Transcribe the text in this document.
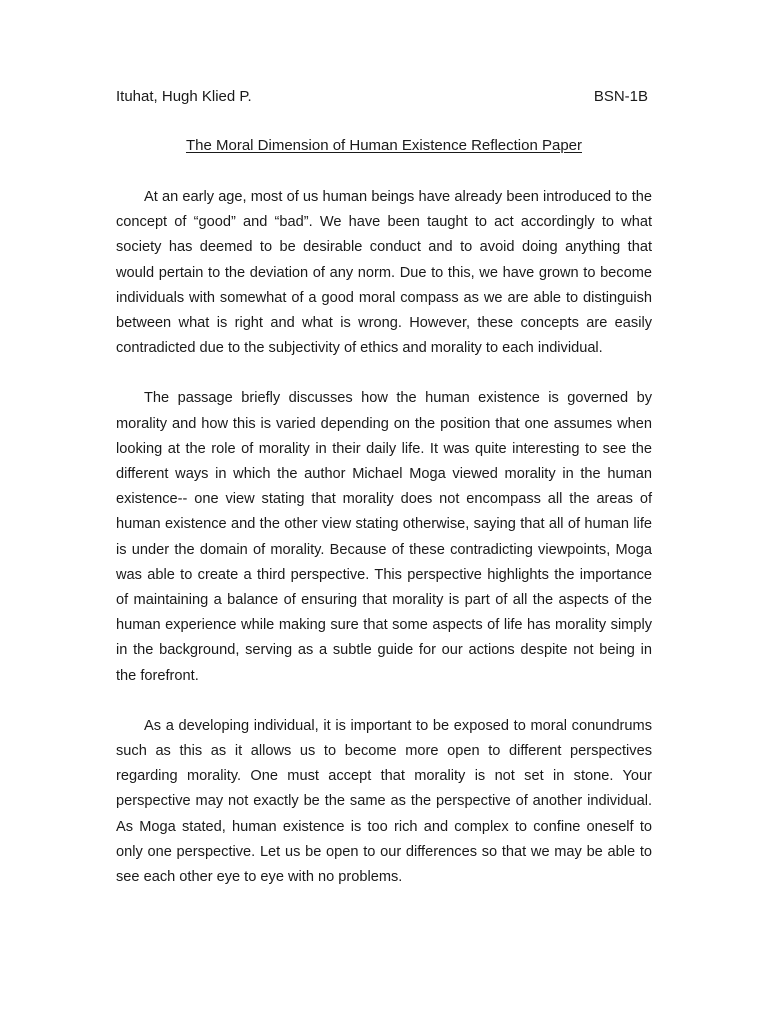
Ituhat, Hugh Klied P.	BSN-1B
The Moral Dimension of Human Existence Reflection Paper

At an early age, most of us human beings have already been introduced to the concept of “good” and “bad”. We have been taught to act accordingly to what society has deemed to be desirable conduct and to avoid doing anything that would pertain to the deviation of any norm. Due to this, we have grown to become individuals with somewhat of a good moral compass as we are able to distinguish between what is right and what is wrong. However, these concepts are easily contradicted due to the subjectivity of ethics and morality to each individual.

The passage briefly discusses how the human existence is governed by morality and how this is varied depending on the position that one assumes when looking at the role of morality in their daily life. It was quite interesting to see the different ways in which the author Michael Moga viewed morality in the human existence-- one view stating that morality does not encompass all the areas of human existence and the other view stating otherwise, saying that all of human life is under the domain of morality. Because of these contradicting viewpoints, Moga was able to create a third perspective. This perspective highlights the importance of maintaining a balance of ensuring that morality is part of all the aspects of the human experience while making sure that some aspects of life has morality simply in the background, serving as a subtle guide for our actions despite not being in the forefront.

As a developing individual, it is important to be exposed to moral conundrums such as this as it allows us to become more open to different perspectives regarding morality. One must accept that morality is not set in stone. Your perspective may not exactly be the same as the perspective of another individual. As Moga stated, human existence is too rich and complex to confine oneself to only one perspective. Let us be open to our differences so that we may be able to see each other eye to eye with no problems.
